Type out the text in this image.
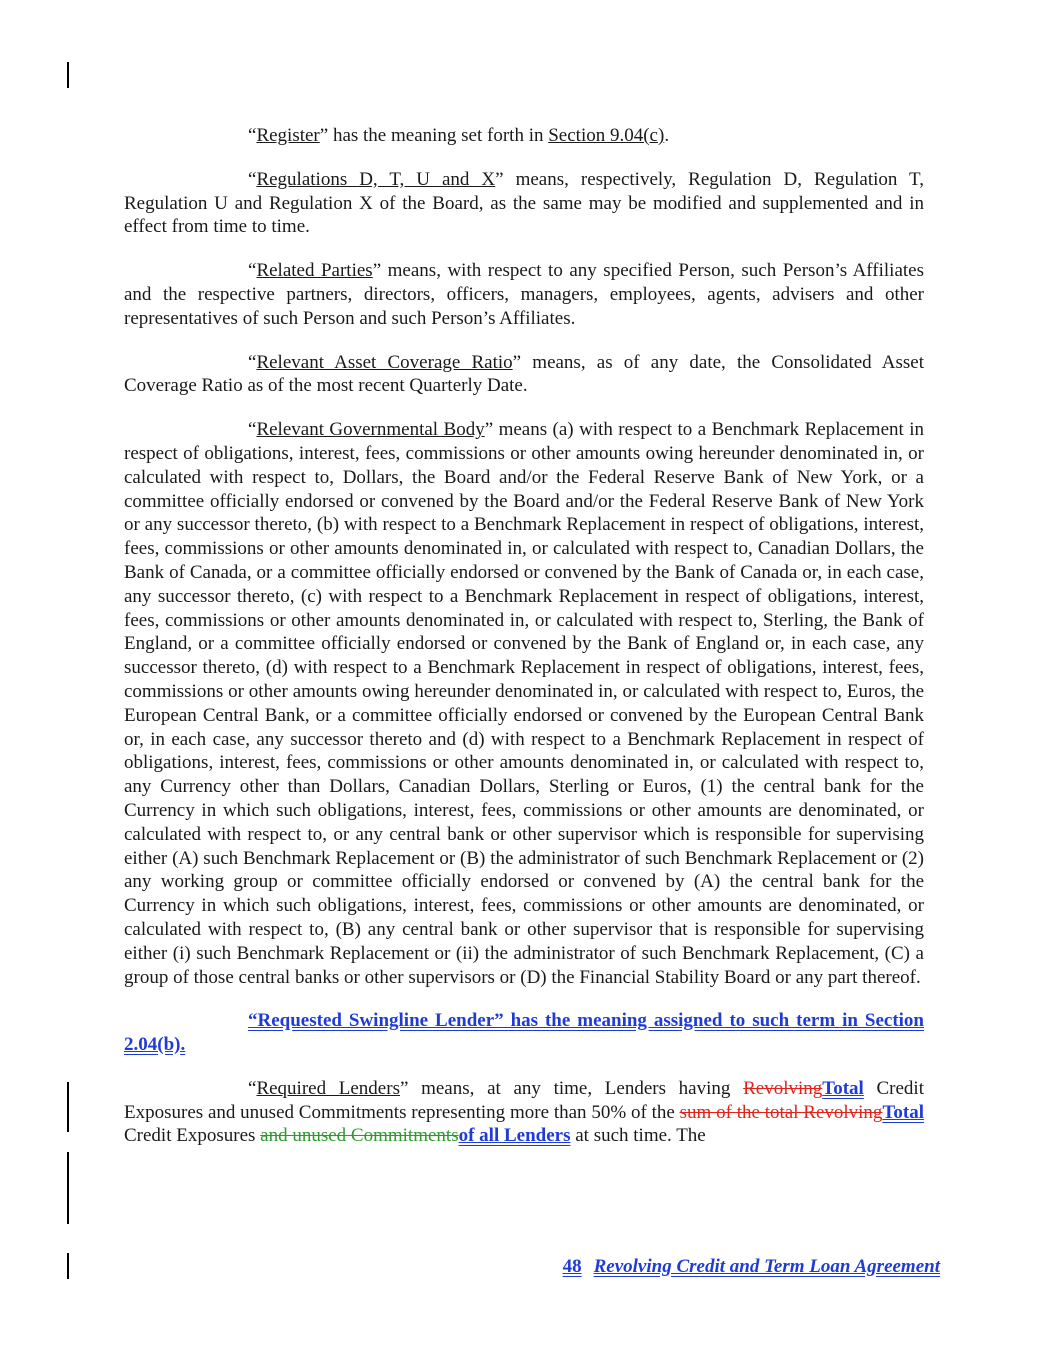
“Register” has the meaning set forth in Section 9.04(c).

“Regulations D, T, U and X” means, respectively, Regulation D, Regulation T, Regulation U and Regulation X of the Board, as the same may be modified and supplemented and in effect from time to time.

“Related Parties” means, with respect to any specified Person, such Person’s Affiliates and the respective partners, directors, officers, managers, employees, agents, advisers and other representatives of such Person and such Person’s Affiliates.

“Relevant Asset Coverage Ratio” means, as of any date, the Consolidated Asset Coverage Ratio as of the most recent Quarterly Date.

“Relevant Governmental Body” means (a) with respect to a Benchmark Replacement in respect of obligations, interest, fees, commissions or other amounts owing hereunder denominated in, or calculated with respect to, Dollars, the Board and/or the Federal Reserve Bank of New York, or a committee officially endorsed or convened by the Board and/or the Federal Reserve Bank of New York or any successor thereto, (b) with respect to a Benchmark Replacement in respect of obligations, interest, fees, commissions or other amounts denominated in, or calculated with respect to, Canadian Dollars, the Bank of Canada, or a committee officially endorsed or convened by the Bank of Canada or, in each case, any successor thereto, (c) with respect to a Benchmark Replacement in respect of obligations, interest, fees, commissions or other amounts denominated in, or calculated with respect to, Sterling, the Bank of England, or a committee officially endorsed or convened by the Bank of England or, in each case, any successor thereto, (d) with respect to a Benchmark Replacement in respect of obligations, interest, fees, commissions or other amounts owing hereunder denominated in, or calculated with respect to, Euros, the European Central Bank, or a committee officially endorsed or convened by the European Central Bank or, in each case, any successor thereto and (d) with respect to a Benchmark Replacement in respect of obligations, interest, fees, commissions or other amounts denominated in, or calculated with respect to, any Currency other than Dollars, Canadian Dollars, Sterling or Euros, (1) the central bank for the Currency in which such obligations, interest, fees, commissions or other amounts are denominated, or calculated with respect to, or any central bank or other supervisor which is responsible for supervising either (A) such Benchmark Replacement or (B) the administrator of such Benchmark Replacement or (2) any working group or committee officially endorsed or convened by (A) the central bank for the Currency in which such obligations, interest, fees, commissions or other amounts are denominated, or calculated with respect to, (B) any central bank or other supervisor that is responsible for supervising either (i) such Benchmark Replacement or (ii) the administrator of such Benchmark Replacement, (C) a group of those central banks or other supervisors or (D) the Financial Stability Board or any part thereof.

“Requested Swingline Lender” has the meaning assigned to such term in Section 2.04(b).

“Required Lenders” means, at any time, Lenders having RevolvingTotal Credit Exposures and unused Commitments representing more than 50% of the sum of the total RevolvingTotal Credit Exposures and unused Commitmentsof all Lenders at such time. The

48 Revolving Credit and Term Loan Agreement
